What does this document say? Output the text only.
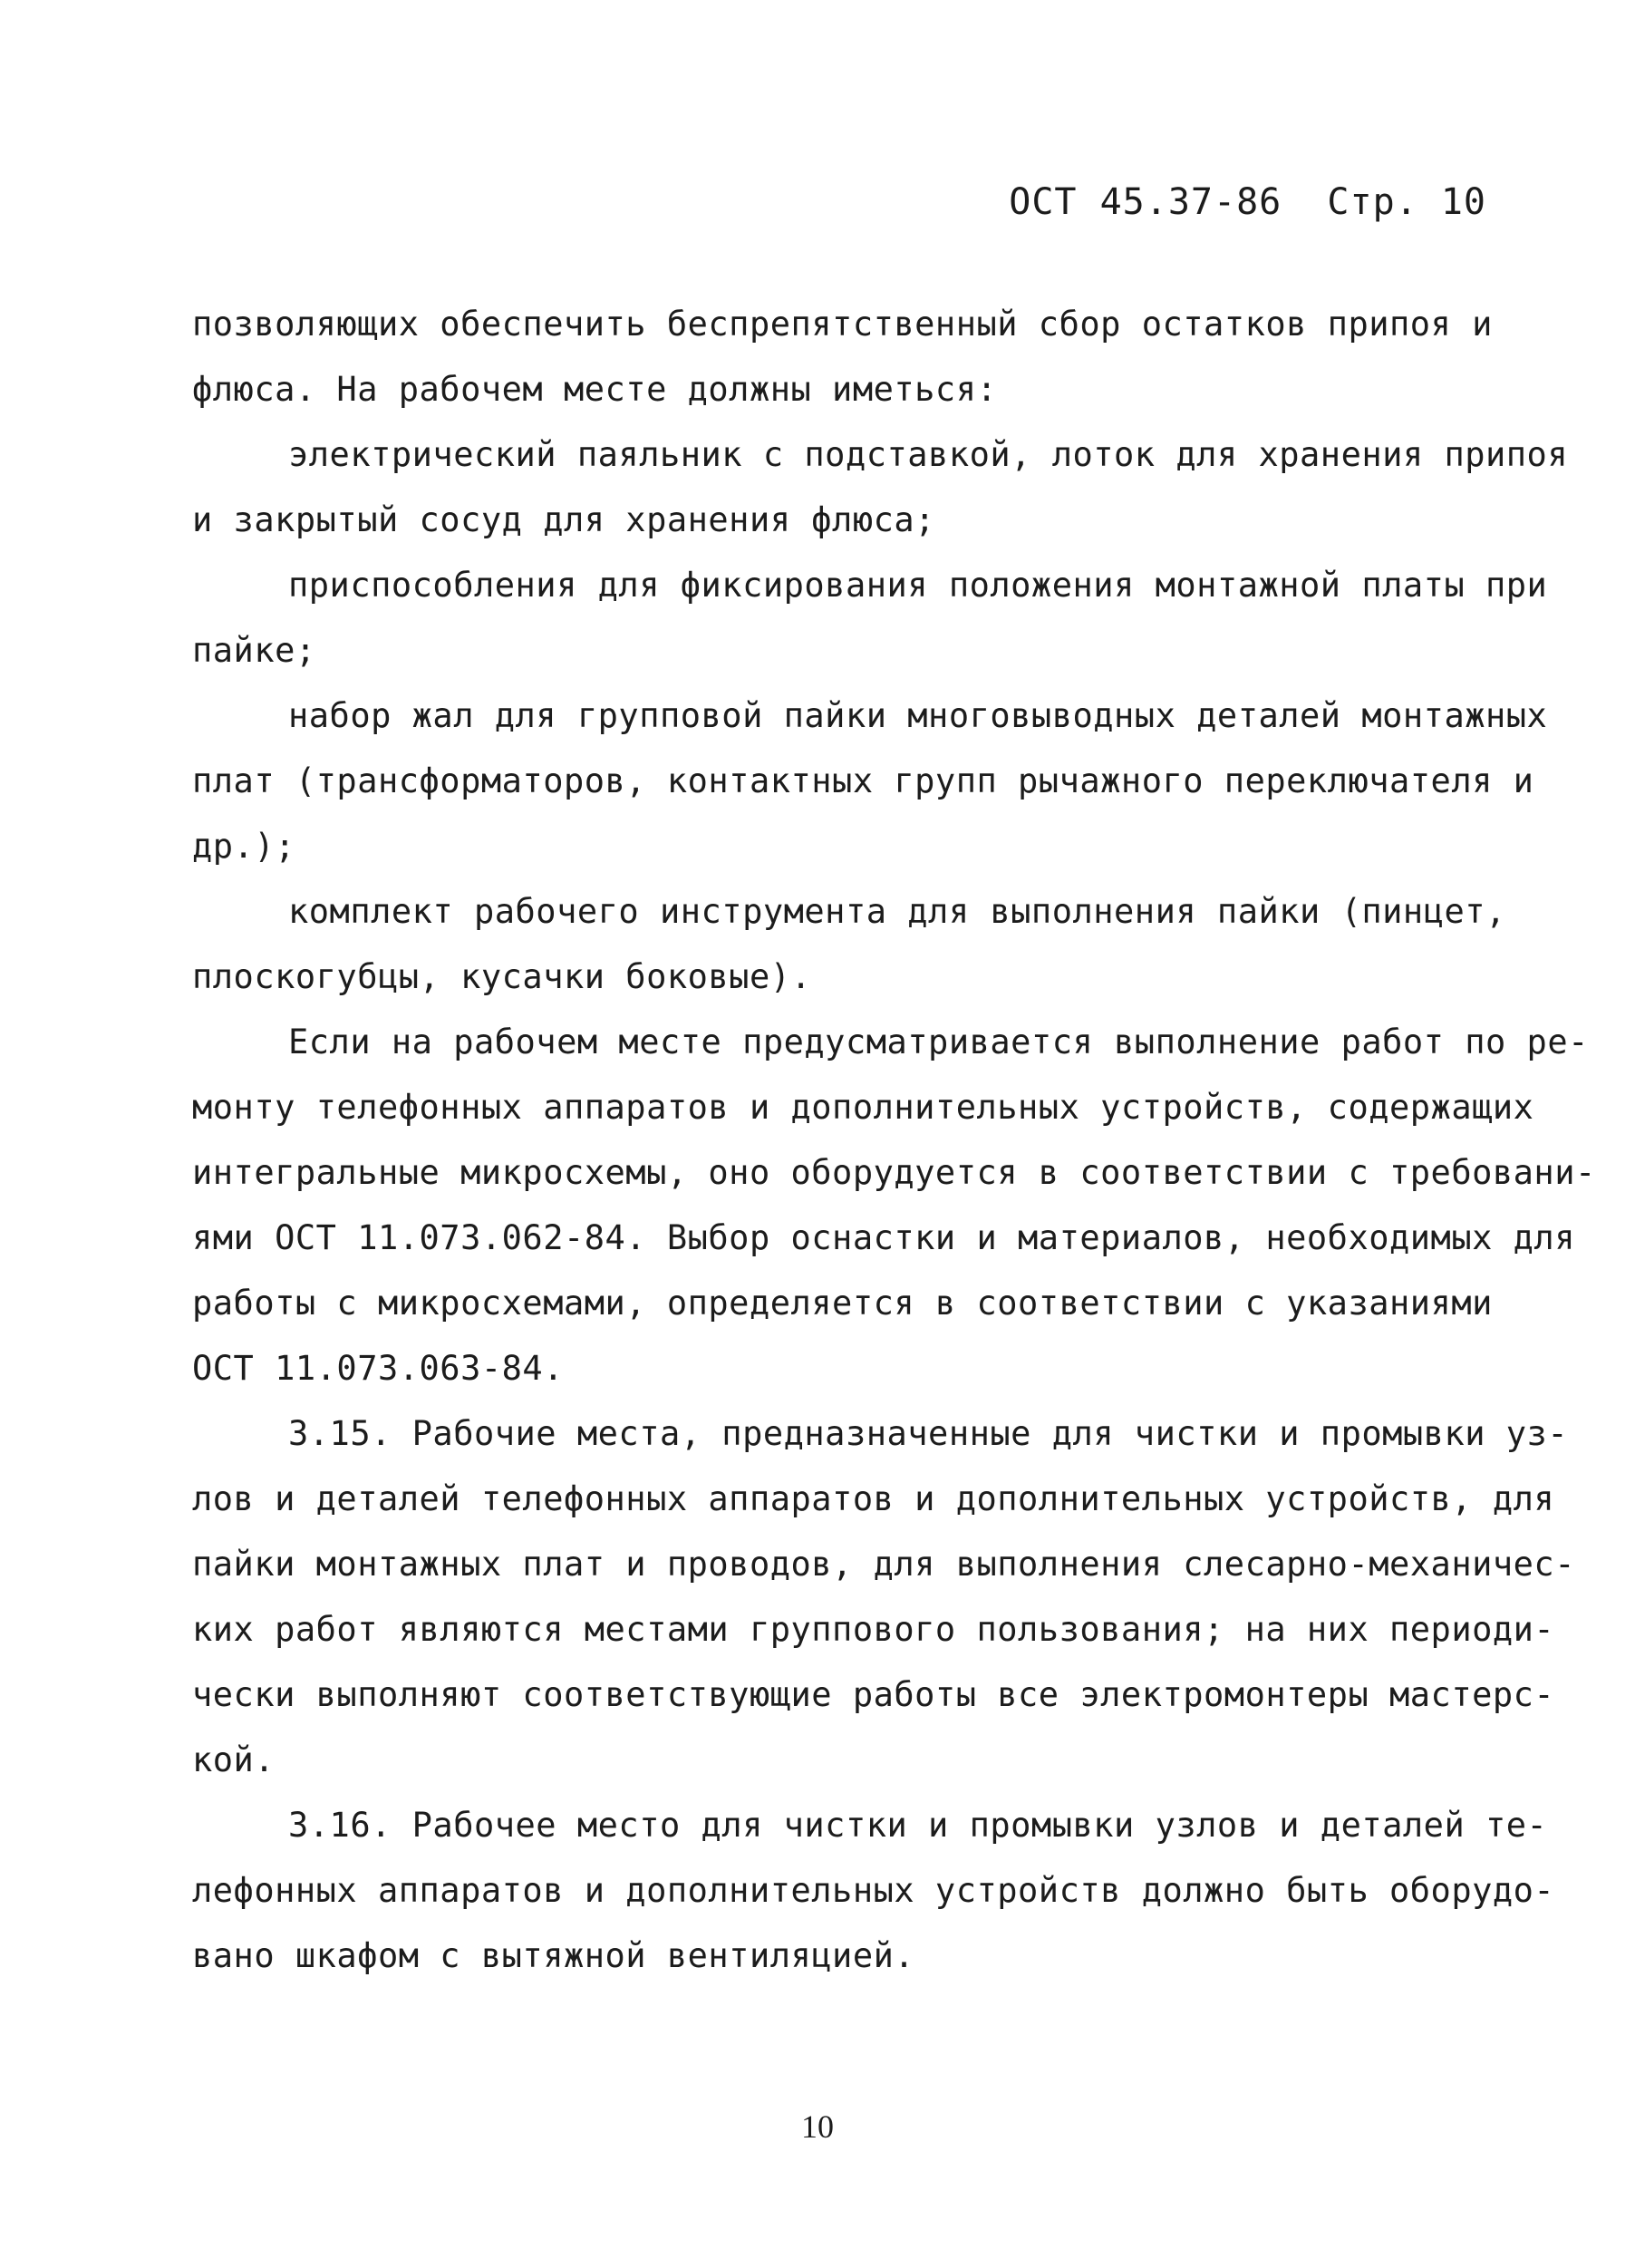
ОСТ 45.37-86  Стр. 10
позволяющих обеспечить беспрепятственный сбор остатков припоя и
флюса. На рабочем месте должны иметься:
электрический паяльник с подставкой, лоток для хранения припоя
и закрытый сосуд для хранения флюса;
приспособления для фиксирования положения монтажной платы при
пайке;
набор жал для групповой пайки многовыводных деталей монтажных
плат (трансформаторов, контактных групп рычажного переключателя и
др.);
комплект рабочего инструмента для выполнения пайки (пинцет,
плоскогубцы, кусачки боковые).
Если на рабочем месте предусматривается выполнение работ по ре-
монту телефонных аппаратов и дополнительных устройств, содержащих
интегральные микросхемы, оно оборудуется в соответствии с требовани-
ями ОСТ 11.073.062-84. Выбор оснастки и материалов, необходимых для
работы с микросхемами, определяется в соответствии с указаниями
ОСТ 11.073.063-84.
3.15. Рабочие места, предназначенные для чистки и промывки уз-
лов и деталей телефонных аппаратов и дополнительных устройств, для
пайки монтажных плат и проводов, для выполнения слесарно-механичес-
ких работ являются местами группового пользования; на них периоди-
чески выполняют соответствующие работы все электромонтеры мастерс-
кой.
3.16. Рабочее место для чистки и промывки узлов и деталей те-
лефонных аппаратов и дополнительных устройств должно быть оборудо-
вано шкафом с вытяжной вентиляцией.
10
